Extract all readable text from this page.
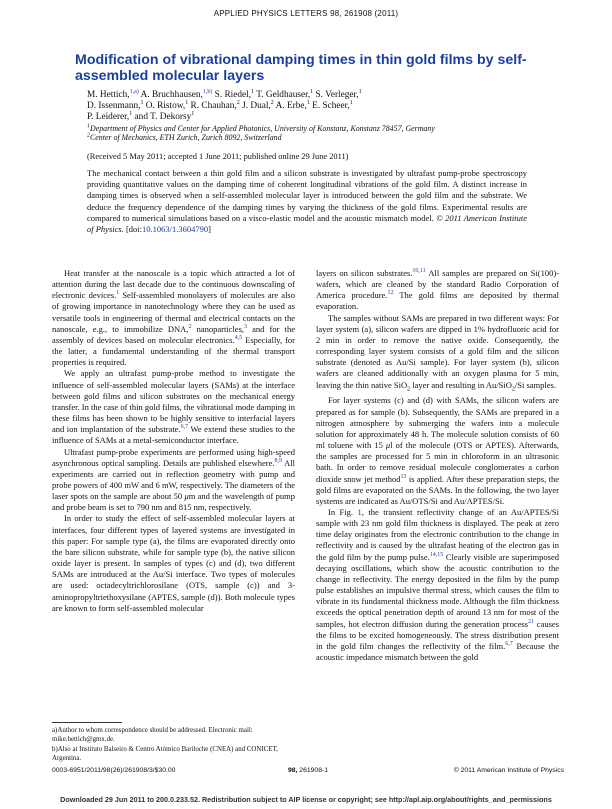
APPLIED PHYSICS LETTERS 98, 261908 (2011)
Modification of vibrational damping times in thin gold films by self-assembled molecular layers
M. Hettich,$^{1,a)}$ A. Bruchhausen,$^{1,b)}$ S. Riedel,$^1$ T. Geldhauser,$^1$ S. Verleger,$^1$
D. Issenmann,$^1$ O. Ristow,$^1$ R. Chauhan,$^2$ J. Dual,$^2$ A. Erbe,$^1$ E. Scheer,$^1$
P. Leiderer,$^1$ and T. Dekorsy$^1$
$^1$Department of Physics and Center for Applied Photonics, University of Konstanz, Konstanz 78457, Germany
$^2$Center of Mechanics, ETH Zurich, Zurich 8092, Switzerland
(Received 5 May 2011; accepted 1 June 2011; published online 29 June 2011)
The mechanical contact between a thin gold film and a silicon substrate is investigated by ultrafast pump-probe spectroscopy providing quantitative values on the damping time of coherent longitudinal vibrations of the gold film. A distinct increase in damping times is observed when a self-assembled molecular layer is introduced between the gold film and the substrate. We deduce the frequency dependence of the damping times by varying the thickness of the gold films. Experimental results are compared to numerical simulations based on a visco-elastic model and the acoustic mismatch model. © 2011 American Institute of Physics. [doi:10.1063/1.3604790]

Heat transfer at the nanoscale is a topic which attracted a lot of attention during the last decade due to the continuous downscaling of electronic devices.$^1$ Self-assembled monolayers of molecules are also of growing importance in nanotechnology where they can be used as versatile tools in engineering of thermal and electrical contacts on the nanoscale, e.g., to immobilize DNA,$^2$ nanoparticles,$^3$ and for the assembly of devices based on molecular electronics.$^{4,5}$ Especially, for the latter, a fundamental understanding of the thermal transport properties is required.

We apply an ultrafast pump-probe method to investigate the influence of self-assembled molecular layers (SAMs) at the interface between gold films and silicon substrates on the mechanical energy transfer. In the case of thin gold films, the vibrational mode damping in these films has been shown to be highly sensitive to interfacial layers and ion implantation of the substrate.$^{6,7}$ We extend these studies to the influence of SAMs at a metal-semiconductor interface.

Ultrafast pump-probe experiments are performed using high-speed asynchronous optical sampling. Details are published elsewhere.$^{8,9}$ All experiments are carried out in reflection geometry with pump and probe powers of 400 mW and 6 mW, respectively. The diameters of the laser spots on the sample are about 50 μm and the wavelength of pump and probe beam is set to 790 nm and 815 nm, respectively.

In order to study the effect of self-assembled molecular layers at interfaces, four different types of layered systems are investigated in this paper: For sample type (a), the films are evaporated directly onto the bare silicon substrate, while for sample type (b), the native silicon oxide layer is present. In samples of types (c) and (d), two different SAMs are introduced at the Au/Si interface. Two types of molecules are used: octadecyltrichlorosilane (OTS, sample (c)) and 3-aminopropyltriethoxysilane (APTES, sample (d)). Both molecule types are known to form self-assembled molecular

layers on silicon substrates.$^{10,11}$ All samples are prepared on Si(100)-wafers, which are cleaned by the standard Radio Corporation of America procedure.$^{12}$ The gold films are deposited by thermal evaporation.

The samples without SAMs are prepared in two different ways: For layer system (a), silicon wafers are dipped in 1% hydrofluoric acid for 2 min in order to remove the native oxide. Consequently, the corresponding layer system consists of a gold film and the silicon substrate (denoted as Au/Si sample). For layer system (b), silicon wafers are cleaned additionally with an oxygen plasma for 5 min, leaving the thin native SiO$_2$ layer and resulting in Au/SiO$_2$/Si samples.

For layer systems (c) and (d) with SAMs, the silicon wafers are prepared as for sample (b). Subsequently, the SAMs are prepared in a nitrogen atmosphere by submerging the wafers into a molecule solution for approximately 48 h. The molecule solution consists of 60 ml toluene with 15 μl of the molecule (OTS or APTES). Afterwards, the samples are processed for 5 min in chloroform in an ultrasonic bath. In order to remove residual molecule conglomerates a carbon dioxide snow jet method$^{13}$ is applied. After these preparation steps, the gold films are evaporated on the SAMs. In the following, the two layer systems are indicated as Au/OTS/Si and Au/APTES/Si.

In Fig. 1, the transient reflectivity change of an Au/APTES/Si sample with 23 nm gold film thickness is displayed. The peak at zero time delay originates from the electronic contribution to the change in reflectivity and is caused by the ultrafast heating of the electron gas in the gold film by the pump pulse.$^{14,15}$ Clearly visible are superimposed decaying oscillations, which show the acoustic contribution to the change in reflectivity. The energy deposited in the film by the pump pulse establishes an impulsive thermal stress, which causes the film to vibrate in its fundamental thickness mode. Although the film thickness exceeds the optical penetration depth of around 13 nm for most of the samples, hot electron diffusion during the generation process$^{21}$ causes the films to be excited homogeneously. The stress distribution present in the gold film changes the reflectivity of the film.$^{6,7}$ Because the acoustic impedance mismatch between the gold

a)Author to whom correspondence should be addressed. Electronic mail: mike.hettich@gmx.de.
b)Also at Instituto Balseiro & Centro Atómico Bariloche (CNEA) and CONICET, Argentina.
0003-6951/2011/98(26)/261908/3/$30.00	98, 261908-1	© 2011 American Institute of Physics
Downloaded 29 Jun 2011 to 200.0.233.52. Redistribution subject to AIP license or copyright; see http://apl.aip.org/about/rights_and_permissions
